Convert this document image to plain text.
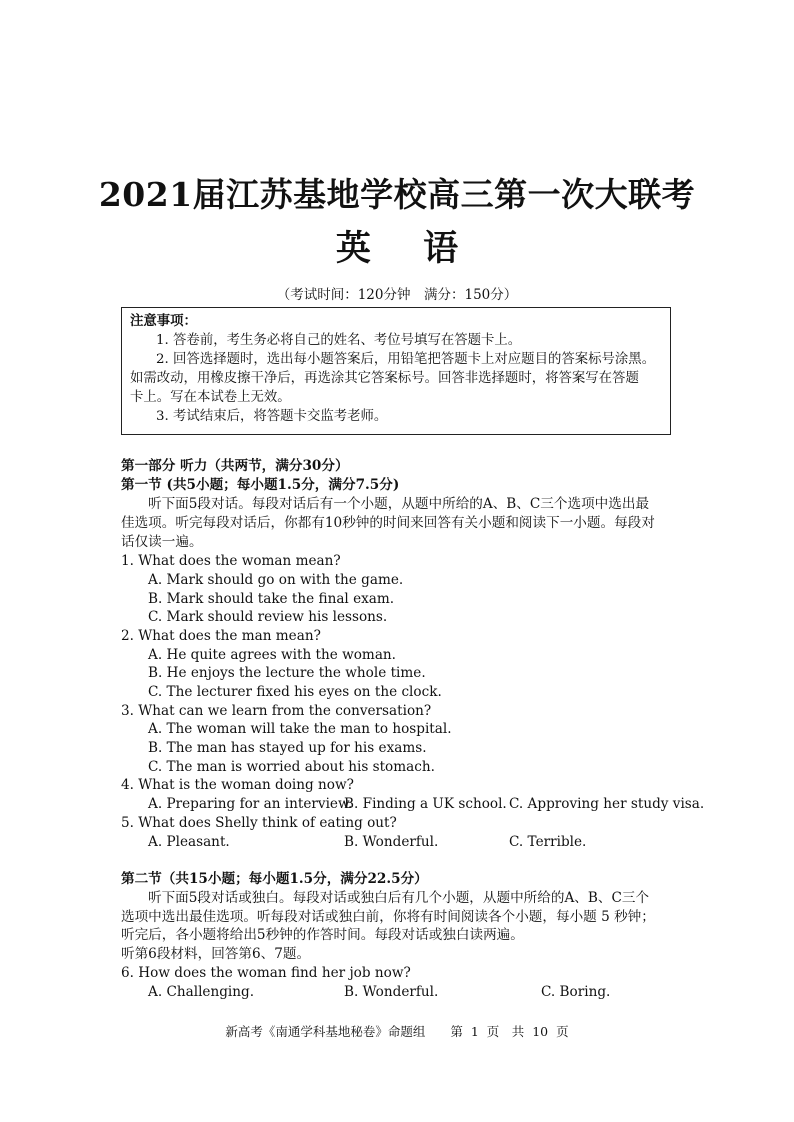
2021届江苏基地学校高三第一次大联考
英 语
（考试时间：120分钟　满分：150分）
注意事项：
1. 答卷前，考生务必将自己的姓名、考位号填写在答题卡上。
2. 回答选择题时，选出每小题答案后，用铅笔把答题卡上对应题目的答案标号涂黑。
如需改动，用橡皮擦干净后，再选涂其它答案标号。回答非选择题时，将答案写在答题
卡上。写在本试卷上无效。
3. 考试结束后，将答题卡交监考老师。
第一部分 听力（共两节，满分30分）
第一节 (共5小题；每小题1.5分，满分7.5分)
听下面5段对话。每段对话后有一个小题，从题中所给的A、B、C三个选项中选出最
佳选项。听完每段对话后，你都有10秒钟的时间来回答有关小题和阅读下一小题。每段对
话仅读一遍。
1. What does the woman mean?
A. Mark should go on with the game.
B. Mark should take the final exam.
C. Mark should review his lessons.
2. What does the man mean?
A. He quite agrees with the woman.
B. He enjoys the lecture the whole time.
C. The lecturer fixed his eyes on the clock.
3. What can we learn from the conversation?
A. The woman will take the man to hospital.
B. The man has stayed up for his exams.
C. The man is worried about his stomach.
4. What is the woman doing now?
A. Preparing for an interview.
B. Finding a UK school. C. Approving her study visa.
5. What does Shelly think of eating out?
A. Pleasant.	B. Wonderful.	C. Terrible.
第二节（共15小题；每小题1.5分，满分22.5分）
听下面5段对话或独白。每段对话或独白后有几个小题，从题中所给的A、B、C三个
选项中选出最佳选项。听每段对话或独白前，你将有时间阅读各个小题，每小题 5 秒钟；
听完后，各小题将给出5秒钟的作答时间。每段对话或独白读两遍。
听第6段材料，回答第6、7题。
6. How does the woman find her job now?
A. Challenging.	B. Wonderful.	C. Boring.
新高考《南通学科基地秘卷》命题组　　第 1 页　共 10 页
